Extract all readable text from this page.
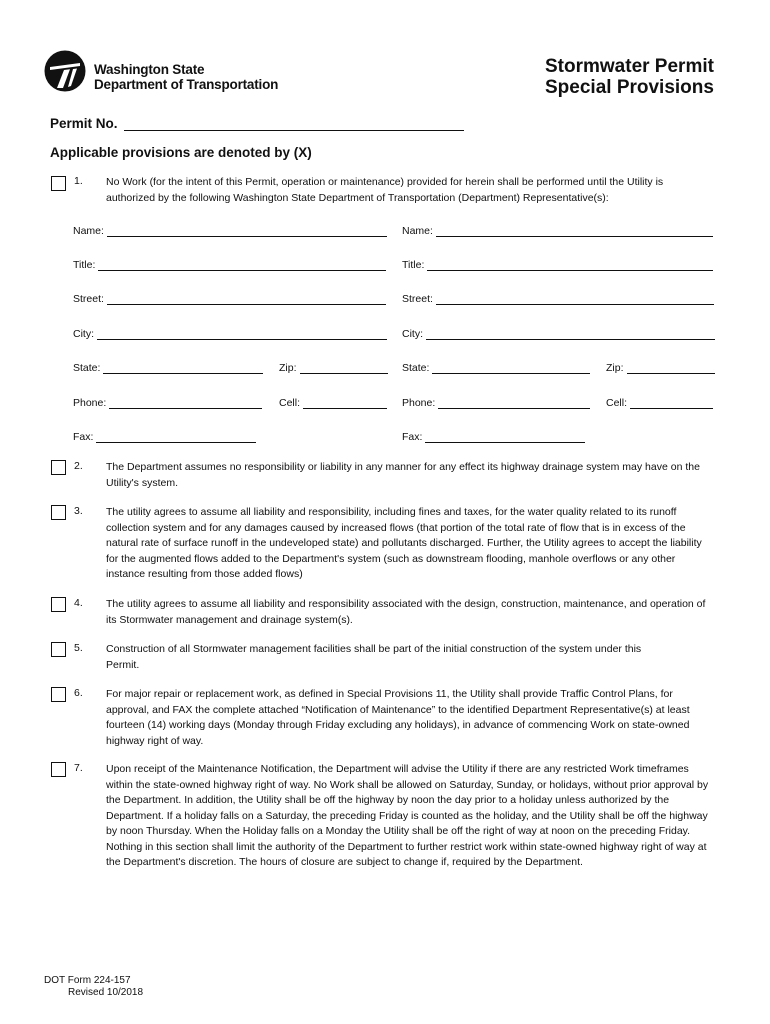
Washington State
Department of Transportation
Stormwater Permit
Special Provisions
Permit No.
Applicable provisions are denoted by (X)
1. No Work (for the intent of this Permit, operation or maintenance) provided for herein shall be performed until the Utility is authorized by the following Washington State Department of Transportation (Department) Representative(s):
Name:
Title:
Street:
City:
State:	Zip:
Phone:	Cell:
Fax:
Name:
Title:
Street:
City:
State:	Zip:
Phone:	Cell:
Fax:
2. The Department assumes no responsibility or liability in any manner for any effect its highway drainage system may have on the Utility's system.
3. The utility agrees to assume all liability and responsibility, including fines and taxes, for the water quality related to its runoff collection system and for any damages caused by increased flows (that portion of the total rate of flow that is in excess of the natural rate of surface runoff in the undeveloped state) and pollutants discharged. Further, the Utility agrees to accept the liability for the augmented flows added to the Department's system (such as downstream flooding, manhole overflows or any other instance resulting from those added flows)
4. The utility agrees to assume all liability and responsibility associated with the design, construction, maintenance, and operation of its Stormwater management and drainage system(s).
5. Construction of all Stormwater management facilities shall be part of the initial construction of the system under this Permit.
6. For major repair or replacement work, as defined in Special Provisions 11, the Utility shall provide Traffic Control Plans, for approval, and FAX the complete attached “Notification of Maintenance” to the identified Department Representative(s) at least fourteen (14) working days (Monday through Friday excluding any holidays), in advance of commencing Work on state-owned highway right of way.
7. Upon receipt of the Maintenance Notification, the Department will advise the Utility if there are any restricted Work timeframes within the state-owned highway right of way. No Work shall be allowed on Saturday, Sunday, or holidays, without prior approval by the Department. In addition, the Utility shall be off the highway by noon the day prior to a holiday unless authorized by the Department. If a holiday falls on a Saturday, the preceding Friday is counted as the holiday, and the Utility shall be off the highway by noon Thursday. When the Holiday falls on a Monday the Utility shall be off the right of way at noon on the preceding Friday. Nothing in this section shall limit the authority of the Department to further restrict work within state-owned highway right of way at the Department's discretion. The hours of closure are subject to change if, required by the Department.
DOT Form 224-157
Revised 10/2018
